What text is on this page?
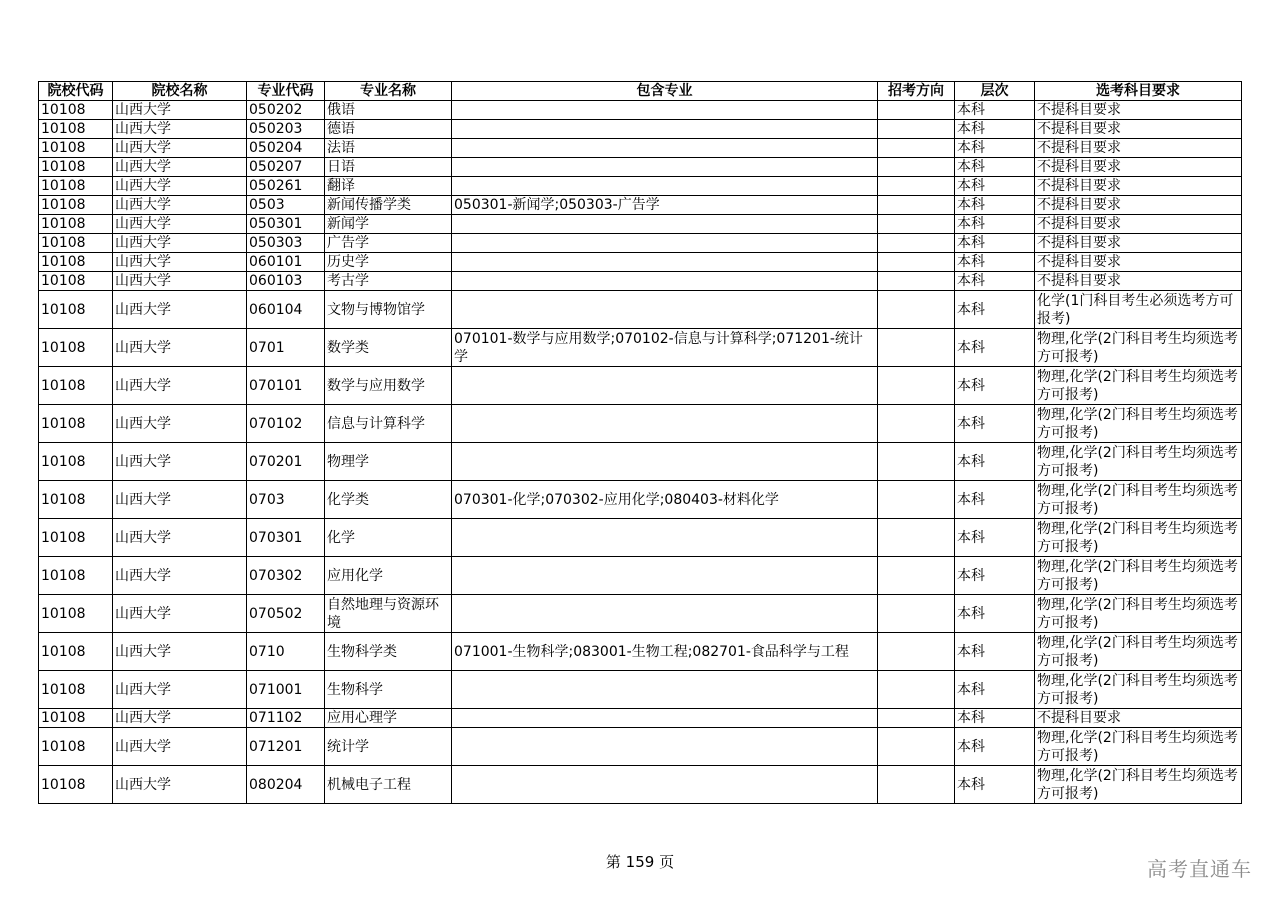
院校代码	院校名称	专业代码	专业名称	包含专业	招考方向	层次	选考科目要求
10108	山西大学	050202	俄语			本科	不提科目要求
10108	山西大学	050203	德语			本科	不提科目要求
10108	山西大学	050204	法语			本科	不提科目要求
10108	山西大学	050207	日语			本科	不提科目要求
10108	山西大学	050261	翻译			本科	不提科目要求
10108	山西大学	0503	新闻传播学类	050301-新闻学;050303-广告学		本科	不提科目要求
10108	山西大学	050301	新闻学			本科	不提科目要求
10108	山西大学	050303	广告学			本科	不提科目要求
10108	山西大学	060101	历史学			本科	不提科目要求
10108	山西大学	060103	考古学			本科	不提科目要求
10108	山西大学	060104	文物与博物馆学			本科	化学(1门科目考生必须选考方可报考)
10108	山西大学	0701	数学类	070101-数学与应用数学;070102-信息与计算科学;071201-统计学		本科	物理,化学(2门科目考生均须选考方可报考)
10108	山西大学	070101	数学与应用数学			本科	物理,化学(2门科目考生均须选考方可报考)
10108	山西大学	070102	信息与计算科学			本科	物理,化学(2门科目考生均须选考方可报考)
10108	山西大学	070201	物理学			本科	物理,化学(2门科目考生均须选考方可报考)
10108	山西大学	0703	化学类	070301-化学;070302-应用化学;080403-材料化学		本科	物理,化学(2门科目考生均须选考方可报考)
10108	山西大学	070301	化学			本科	物理,化学(2门科目考生均须选考方可报考)
10108	山西大学	070302	应用化学			本科	物理,化学(2门科目考生均须选考方可报考)
10108	山西大学	070502	自然地理与资源环境			本科	物理,化学(2门科目考生均须选考方可报考)
10108	山西大学	0710	生物科学类	071001-生物科学;083001-生物工程;082701-食品科学与工程		本科	物理,化学(2门科目考生均须选考方可报考)
10108	山西大学	071001	生物科学			本科	物理,化学(2门科目考生均须选考方可报考)
10108	山西大学	071102	应用心理学			本科	不提科目要求
10108	山西大学	071201	统计学			本科	物理,化学(2门科目考生均须选考方可报考)
10108	山西大学	080204	机械电子工程			本科	物理,化学(2门科目考生均须选考方可报考)
第 159 页	高考直通车
